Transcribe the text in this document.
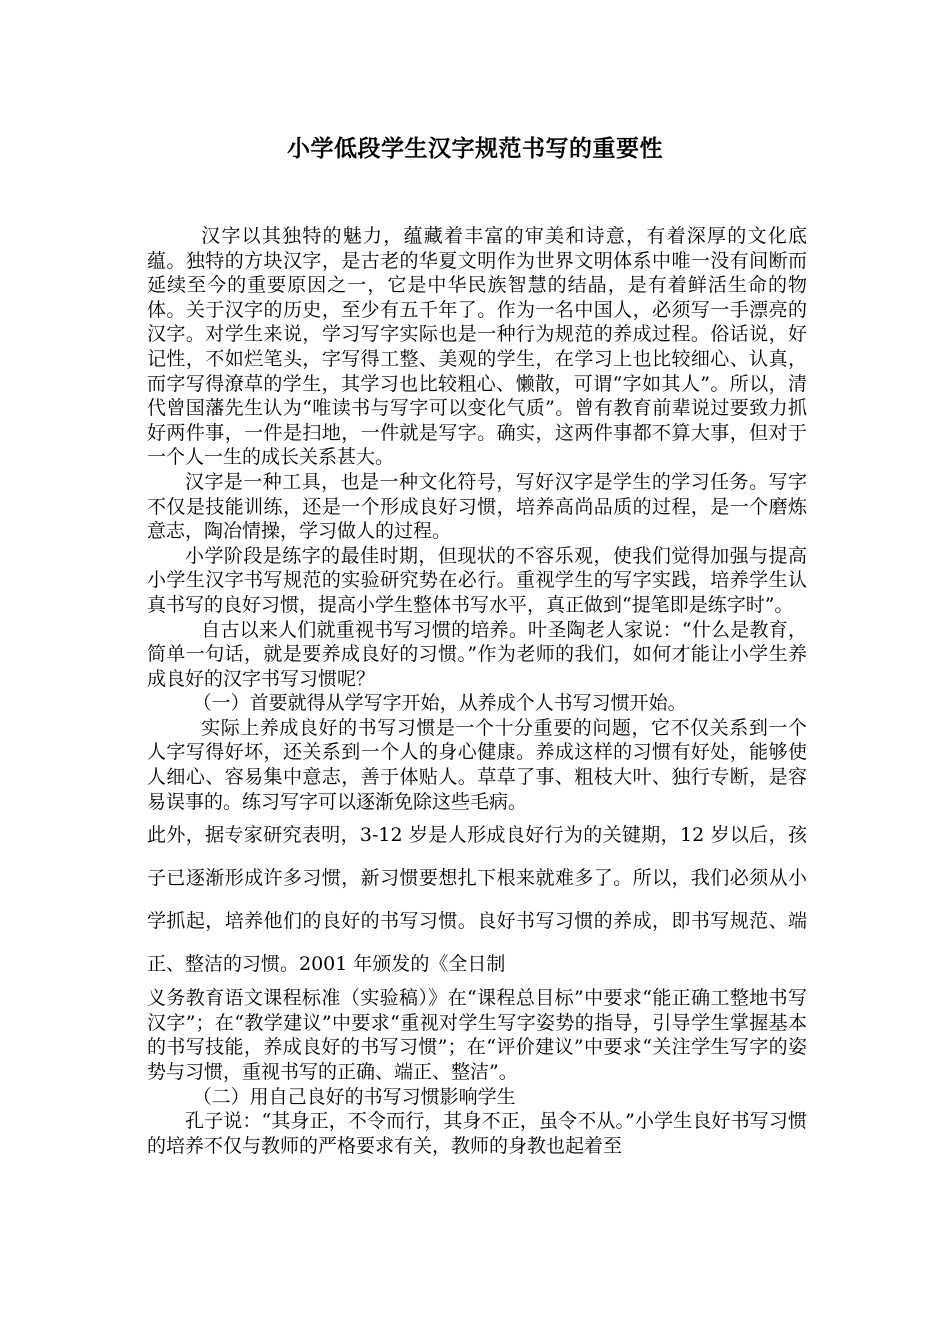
小学低段学生汉字规范书写的重要性

汉字以其独特的魅力，蕴藏着丰富的审美和诗意，有着深厚的文化底蕴。独特的方块汉字，是古老的华夏文明作为世界文明体系中唯一没有间断而延续至今的重要原因之一，它是中华民族智慧的结晶，是有着鲜活生命的物体。关于汉字的历史，至少有五千年了。作为一名中国人，必须写一手漂亮的汉字。对学生来说，学习写字实际也是一种行为规范的养成过程。俗话说，好记性，不如烂笔头，字写得工整、美观的学生，在学习上也比较细心、认真，而字写得潦草的学生，其学习也比较粗心、懒散，可谓“字如其人”。所以，清代曾国藩先生认为“唯读书与写字可以变化气质”。曾有教育前辈说过要致力抓好两件事，一件是扫地，一件就是写字。确实，这两件事都不算大事，但对于一个人一生的成长关系甚大。

汉字是一种工具，也是一种文化符号，写好汉字是学生的学习任务。写字不仅是技能训练，还是一个形成良好习惯，培养高尚品质的过程，是一个磨炼意志，陶冶情操，学习做人的过程。

小学阶段是练字的最佳时期，但现状的不容乐观，使我们觉得加强与提高小学生汉字书写规范的实验研究势在必行。重视学生的写字实践，培养学生认真书写的良好习惯，提高小学生整体书写水平，真正做到“提笔即是练字时”。

自古以来人们就重视书写习惯的培养。叶圣陶老人家说：“什么是教育，简单一句话，就是要养成良好的习惯。”作为老师的我们，如何才能让小学生养成良好的汉字书写习惯呢？

（一）首要就得从学写字开始，从养成个人书写习惯开始。

实际上养成良好的书写习惯是一个十分重要的问题，它不仅关系到一个人字写得好坏，还关系到一个人的身心健康。养成这样的习惯有好处，能够使人细心、容易集中意志，善于体贴人。草草了事、粗枝大叶、独行专断，是容易误事的。练习写字可以逐渐免除这些毛病。

此外，据专家研究表明，3-12 岁是人形成良好行为的关键期，12 岁以后，孩子已逐渐形成许多习惯，新习惯要想扎下根来就难多了。所以，我们必须从小学抓起，培养他们的良好的书写习惯。良好书写习惯的养成，即书写规范、端正、整洁的习惯。2001 年颁发的《全日制

义务教育语文课程标准（实验稿）》在“课程总目标”中要求“能正确工整地书写汉字”；在“教学建议”中要求“重视对学生写字姿势的指导，引导学生掌握基本的书写技能，养成良好的书写习惯”；在“评价建议”中要求“关注学生写字的姿势与习惯，重视书写的正确、端正、整洁”。

（二）用自己良好的书写习惯影响学生

孔子说：“其身正，不令而行，其身不正，虽令不从。”小学生良好书写习惯的培养不仅与教师的严格要求有关，教师的身教也起着至
